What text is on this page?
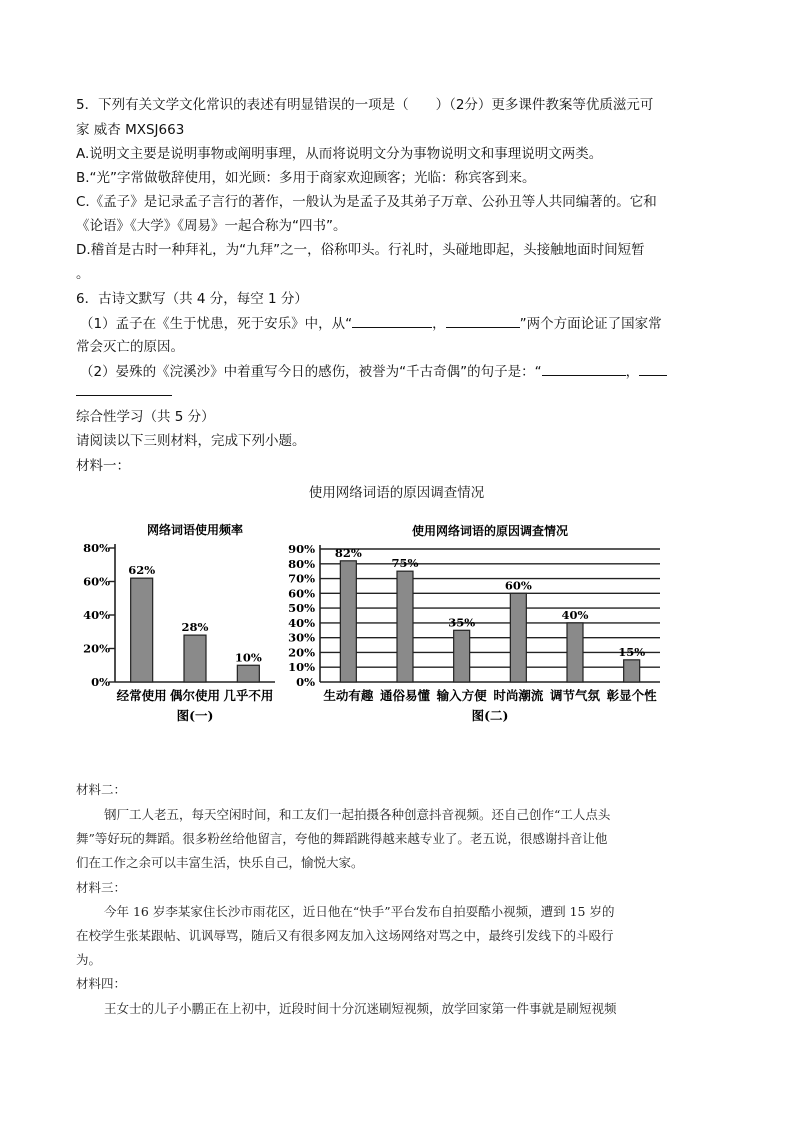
5．下列有关文学文化常识的表述有明显错误的一项是（　　）（2分）更多课件教案等优质滋元可
家 威杏 MXSJ663
A.说明文主要是说明事物或阐明事理，从而将说明文分为事物说明文和事理说明文两类。
B.“光”字常做敬辞使用，如光顾：多用于商家欢迎顾客；光临：称宾客到来。
C.《孟子》是记录孟子言行的著作，一般认为是孟子及其弟子万章、公孙丑等人共同编著的。它和
《论语》《大学》《周易》一起合称为“四书”。
D.稽首是古时一种拜礼，为“九拜”之一，俗称叩头。行礼时，头碰地即起，头接触地面时间短暂
。
6．古诗文默写（共 4 分，每空 1 分）
（1）孟子在《生于忧患，死于安乐》中，从“	，	”两个方面论证了国家常
常会灭亡的原因。
（2）晏殊的《浣溪沙》中着重写今日的感伤，被誉为“千古奇偶”的句子是：“	，
综合性学习（共 5 分）
请阅读以下三则材料，完成下列小题。
材料一：
使用网络词语的原因调查情况
网络词语使用频率
0%
20%
40%
60%
80%
62%
经常使用
28%
偶尔使用
10%
几乎不用
图(一)
使用网络词语的原因调查情况
0%
10%
20%
30%
40%
50%
60%
70%
80%
90% 82%
生动有趣
75%
通俗易懂
35%
输入方便
60%
时尚潮流
40%
调节气氛
15%
彰显个性
图(二)
材料二：
钢厂工人老五，每天空闲时间，和工友们一起拍摄各种创意抖音视频。还自己创作“工人点头
舞”等好玩的舞蹈。很多粉丝给他留言，夸他的舞蹈跳得越来越专业了。老五说，很感谢抖音让他
们在工作之余可以丰富生活，快乐自己，愉悦大家。
材料三：
今年 16 岁李某家住长沙市雨花区，近日他在“快手”平台发布自拍耍酷小视频，遭到 15 岁的
在校学生张某跟帖、讥讽辱骂，随后又有很多网友加入这场网络对骂之中，最终引发线下的斗殴行
为。
材料四：
王女士的儿子小鹏正在上初中，近段时间十分沉迷刷短视频，放学回家第一件事就是刷短视频
